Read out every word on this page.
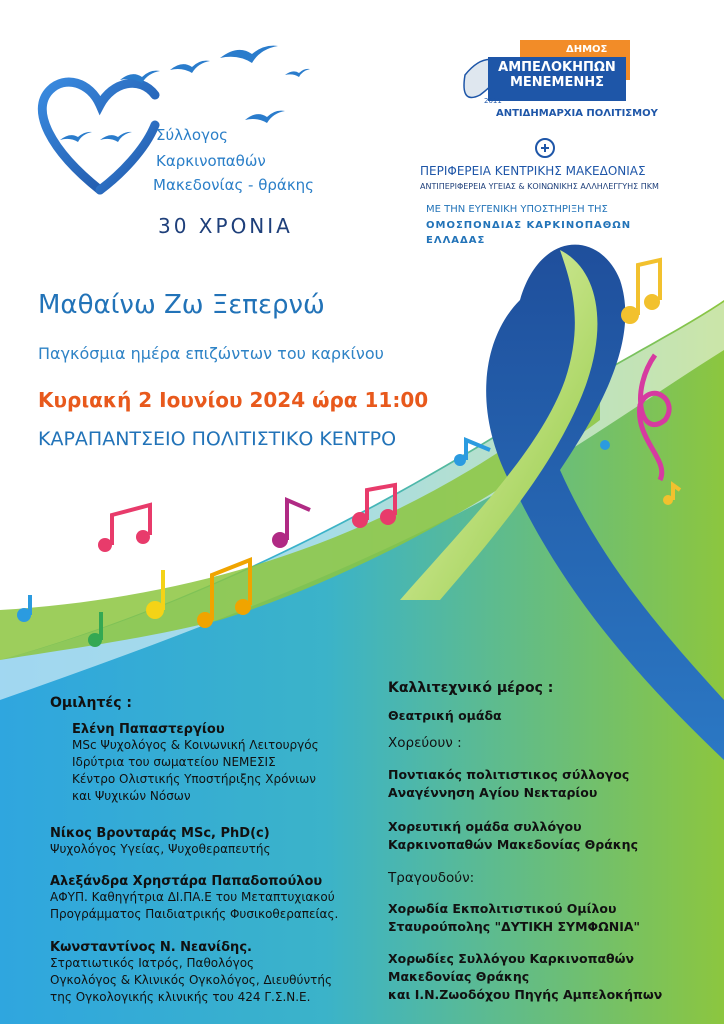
Σύλλογος
Καρκινοπαθών
Μακεδονίας - θράκης
30 ΧΡΟΝΙΑ
ΔΗΜΟΣ
ΑΜΠΕΛΟΚΗΠΩΝ
ΜΕΝΕΜΕΝΗΣ
2011
ΑΝΤΙΔΗΜΑΡΧΙΑ ΠΟΛΙΤΙΣΜΟΥ
ΠΕΡΙΦΕΡΕΙΑ ΚΕΝΤΡΙΚΗΣ ΜΑΚΕΔΟΝΙΑΣ
ΑΝΤΙΠΕΡΙΦΕΡΕΙΑ ΥΓΕΙΑΣ & ΚΟΙΝΩΝΙΚΗΣ ΑΛΛΗΛΕΓΓΥΗΣ ΠΚΜ
ΜΕ ΤΗΝ ΕΥΓΕΝΙΚΗ ΥΠΟΣΤΗΡΙΞΗ ΤΗΣ
ΟΜΟΣΠΟΝΔΙΑΣ ΚΑΡΚΙΝΟΠΑΘΩΝ
ΕΛΛΑΔΑΣ
Μαθαίνω Ζω Ξεπερνώ
Παγκόσμια ημέρα επιζώντων του καρκίνου
Κυριακή 2 Ιουνίου 2024 ώρα 11:00
ΚΑΡΑΠΑΝΤΣΕΙΟ ΠΟΛΙΤΙΣΤΙΚΟ ΚΕΝΤΡΟ
Ομιλητές :
Ελένη Παπαστεργίου
MSc Ψυχολόγος & Κοινωνική Λειτουργός
Ιδρύτρια του σωματείου ΝΕΜΕΣΙΣ
Κέντρο Ολιστικής Υποστήριξης Χρόνιων
και Ψυχικών Νόσων
Νίκος Βρονταράς MSc, PhD(c)
Ψυχολόγος Υγείας, Ψυχοθεραπευτής
Αλεξάνδρα Χρηστάρα Παπαδοπούλου
ΑΦΥΠ. Καθηγήτρια ΔΙ.ΠΑ.Ε του Μεταπτυχιακού
Προγράμματος Παιδιατρικής Φυσικοθεραπείας.
Κωνσταντίνος Ν. Νεανίδης.
Στρατιωτικός Ιατρός, Παθολόγος
Ογκολόγος & Κλινικός Ογκολόγος, Διευθύντής
της Ογκολογικής κλινικής του 424 Γ.Σ.Ν.Ε.
Καλλιτεχνικό μέρος :
Θεατρική ομάδα
Χορεύουν :
Ποντιακός πολιτιστικος σύλλογος
Αναγέννηση Αγίου Νεκταρίου
Χορευτική ομάδα συλλόγου
Καρκινοπαθών Μακεδονίας Θράκης
Τραγουδούν:
Χορωδία Εκπολιτιστικού Ομίλου
Σταυρούπολης "ΔΥΤΙΚΗ ΣΥΜΦΩΝΙΑ"
Χορωδίες Συλλόγου Καρκινοπαθών
Μακεδονίας Θράκης
και Ι.Ν.Ζωοδόχου Πηγής Αμπελοκήπων
